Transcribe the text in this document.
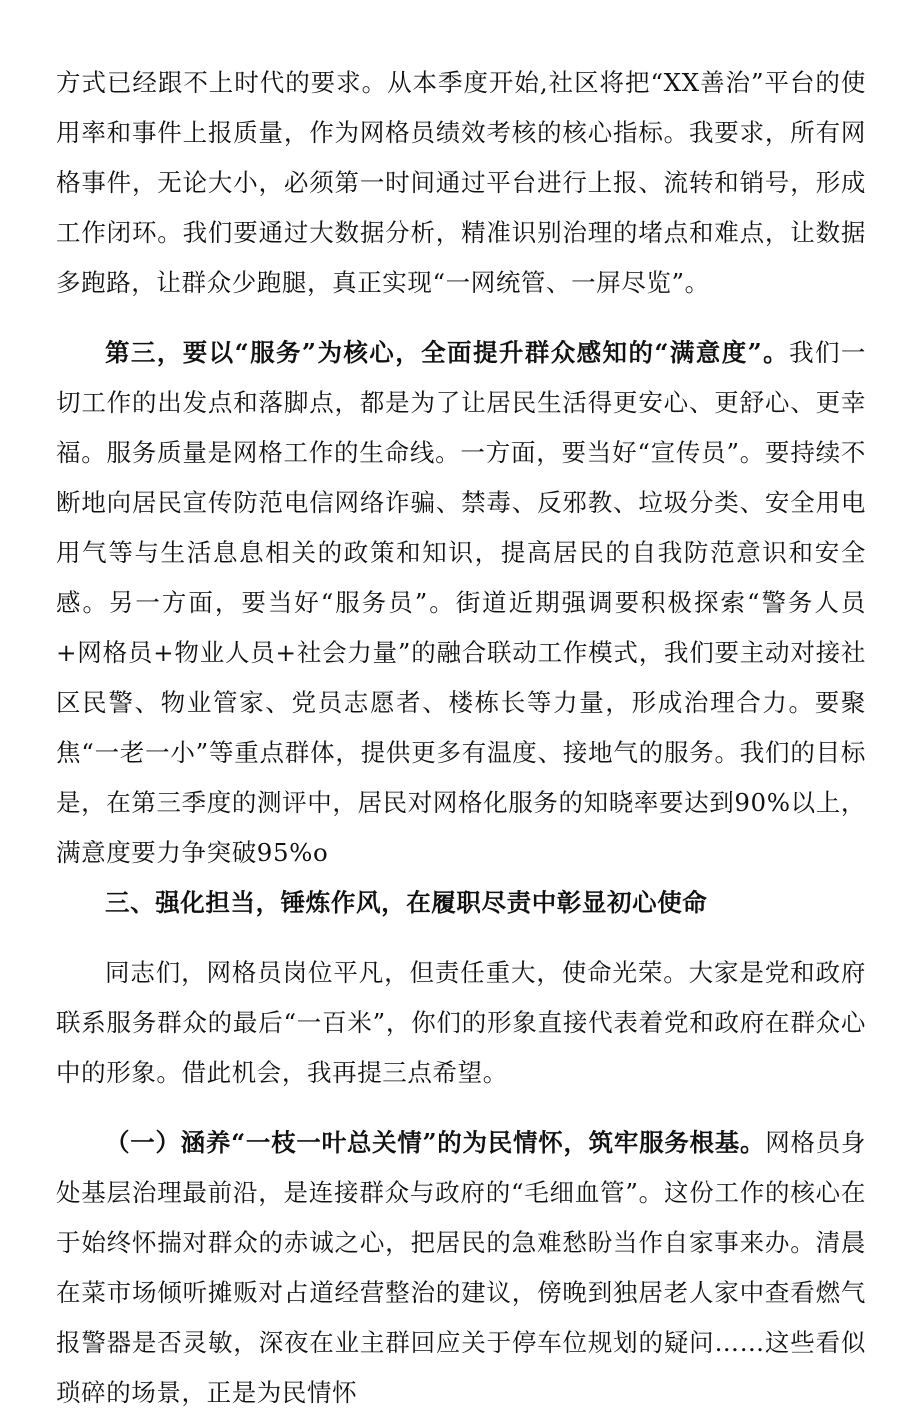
方式已经跟不上时代的要求。从本季度开始,社区将把“XX善治”平台的使用率和事件上报质量，作为网格员绩效考核的核心指标。我要求，所有网格事件，无论大小，必须第一时间通过平台进行上报、流转和销号，形成工作闭环。我们要通过大数据分析，精准识别治理的堵点和难点，让数据多跑路，让群众少跑腿，真正实现“一网统管、一屏尽览”。

第三，要以“服务”为核心，全面提升群众感知的“满意度”。我们一切工作的出发点和落脚点，都是为了让居民生活得更安心、更舒心、更幸福。服务质量是网格工作的生命线。一方面，要当好“宣传员”。要持续不断地向居民宣传防范电信网络诈骗、禁毒、反邪教、垃圾分类、安全用电用气等与生活息息相关的政策和知识，提高居民的自我防范意识和安全感。另一方面，要当好“服务员”。街道近期强调要积极探索“警务人员+网格员+物业人员+社会力量”的融合联动工作模式，我们要主动对接社区民警、物业管家、党员志愿者、楼栋长等力量，形成治理合力。要聚焦“一老一小”等重点群体，提供更多有温度、接地气的服务。我们的目标是，在第三季度的测评中，居民对网格化服务的知晓率要达到90%以上，满意度要力争突破95%o

三、强化担当，锤炼作风，在履职尽责中彰显初心使命

同志们，网格员岗位平凡，但责任重大，使命光荣。大家是党和政府联系服务群众的最后“一百米”，你们的形象直接代表着党和政府在群众心中的形象。借此机会，我再提三点希望。

（一）涵养“一枝一叶总关情”的为民情怀，筑牢服务根基。网格员身处基层治理最前沿，是连接群众与政府的“毛细血管”。这份工作的核心在于始终怀揣对群众的赤诚之心，把居民的急难愁盼当作自家事来办。清晨在菜市场倾听摊贩对占道经营整治的建议，傍晚到独居老人家中查看燃气报警器是否灵敏，深夜在业主群回应关于停车位规划的疑问……这些看似琐碎的场景，正是为民情怀
